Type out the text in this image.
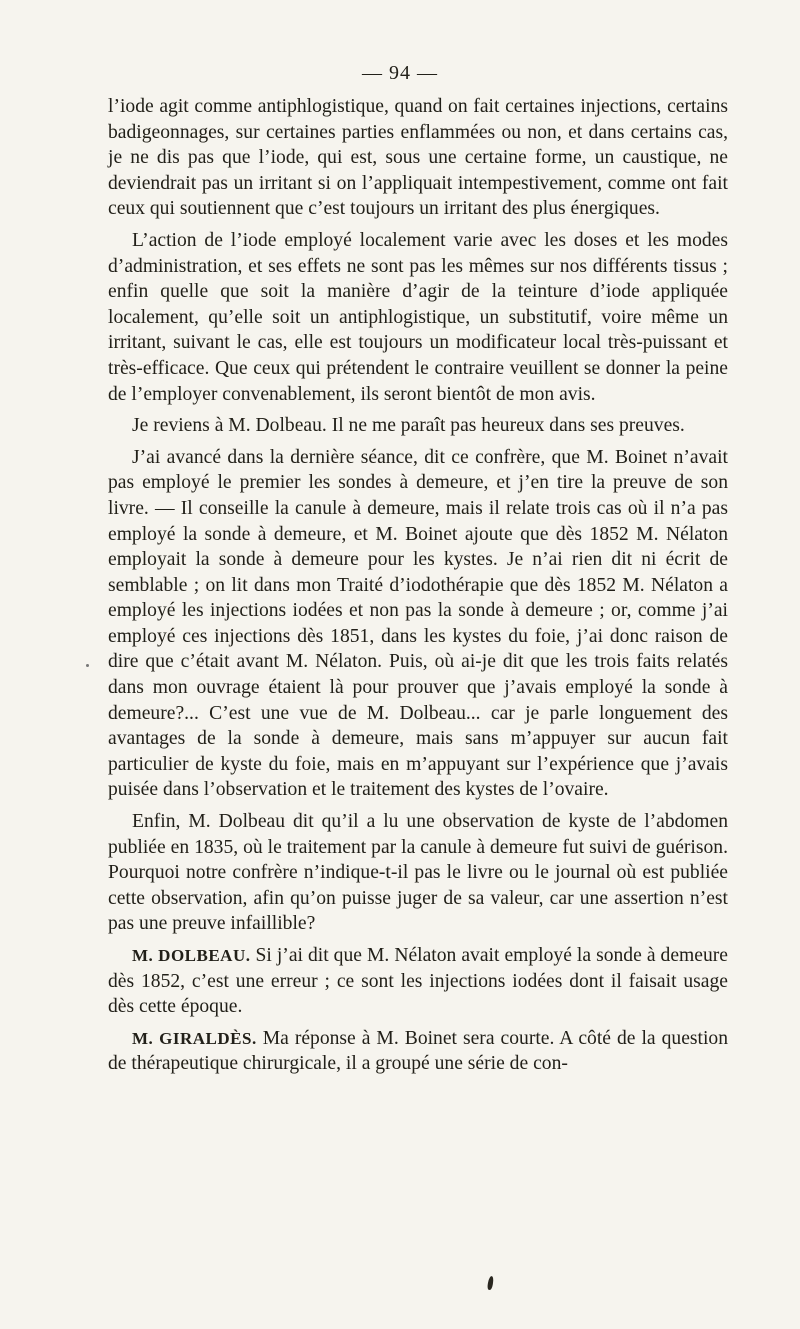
— 94 —

l’iode agit comme antiphlogistique, quand on fait certaines injections, certains badigeonnages, sur certaines parties enflammées ou non, et dans certains cas, je ne dis pas que l’iode, qui est, sous une certaine forme, un caustique, ne deviendrait pas un irritant si on l’appliquait intempestivement, comme ont fait ceux qui soutiennent que c’est toujours un irritant des plus énergiques.

L’action de l’iode employé localement varie avec les doses et les modes d’administration, et ses effets ne sont pas les mêmes sur nos différents tissus ; enfin quelle que soit la manière d’agir de la teinture d’iode appliquée localement, qu’elle soit un antiphlogistique, un substitutif, voire même un irritant, suivant le cas, elle est toujours un modificateur local très-puissant et très-efficace. Que ceux qui prétendent le contraire veuillent se donner la peine de l’employer convenablement, ils seront bientôt de mon avis.

Je reviens à M. Dolbeau. Il ne me paraît pas heureux dans ses preuves.

J’ai avancé dans la dernière séance, dit ce confrère, que M. Boinet n’avait pas employé le premier les sondes à demeure, et j’en tire la preuve de son livre. — Il conseille la canule à demeure, mais il relate trois cas où il n’a pas employé la sonde à demeure, et M. Boinet ajoute que dès 1852 M. Nélaton employait la sonde à demeure pour les kystes. Je n’ai rien dit ni écrit de semblable ; on lit dans mon Traité d’iodothérapie que dès 1852 M. Nélaton a employé les injections iodées et non pas la sonde à demeure ; or, comme j’ai employé ces injections dès 1851, dans les kystes du foie, j’ai donc raison de dire que c’était avant M. Nélaton. Puis, où ai-je dit que les trois faits relatés dans mon ouvrage étaient là pour prouver que j’avais employé la sonde à demeure?... C’est une vue de M. Dolbeau... car je parle longuement des avantages de la sonde à demeure, mais sans m’appuyer sur aucun fait particulier de kyste du foie, mais en m’appuyant sur l’expérience que j’avais puisée dans l’observation et le traitement des kystes de l’ovaire.

Enfin, M. Dolbeau dit qu’il a lu une observation de kyste de l’abdomen publiée en 1835, où le traitement par la canule à demeure fut suivi de guérison. Pourquoi notre confrère n’indique-t-il pas le livre ou le journal où est publiée cette observation, afin qu’on puisse juger de sa valeur, car une assertion n’est pas une preuve infaillible?

M. DOLBEAU. Si j’ai dit que M. Nélaton avait employé la sonde à demeure dès 1852, c’est une erreur ; ce sont les injections iodées dont il faisait usage dès cette époque.

M. GIRALDÈS. Ma réponse à M. Boinet sera courte. A côté de la question de thérapeutique chirurgicale, il a groupé une série de con-
